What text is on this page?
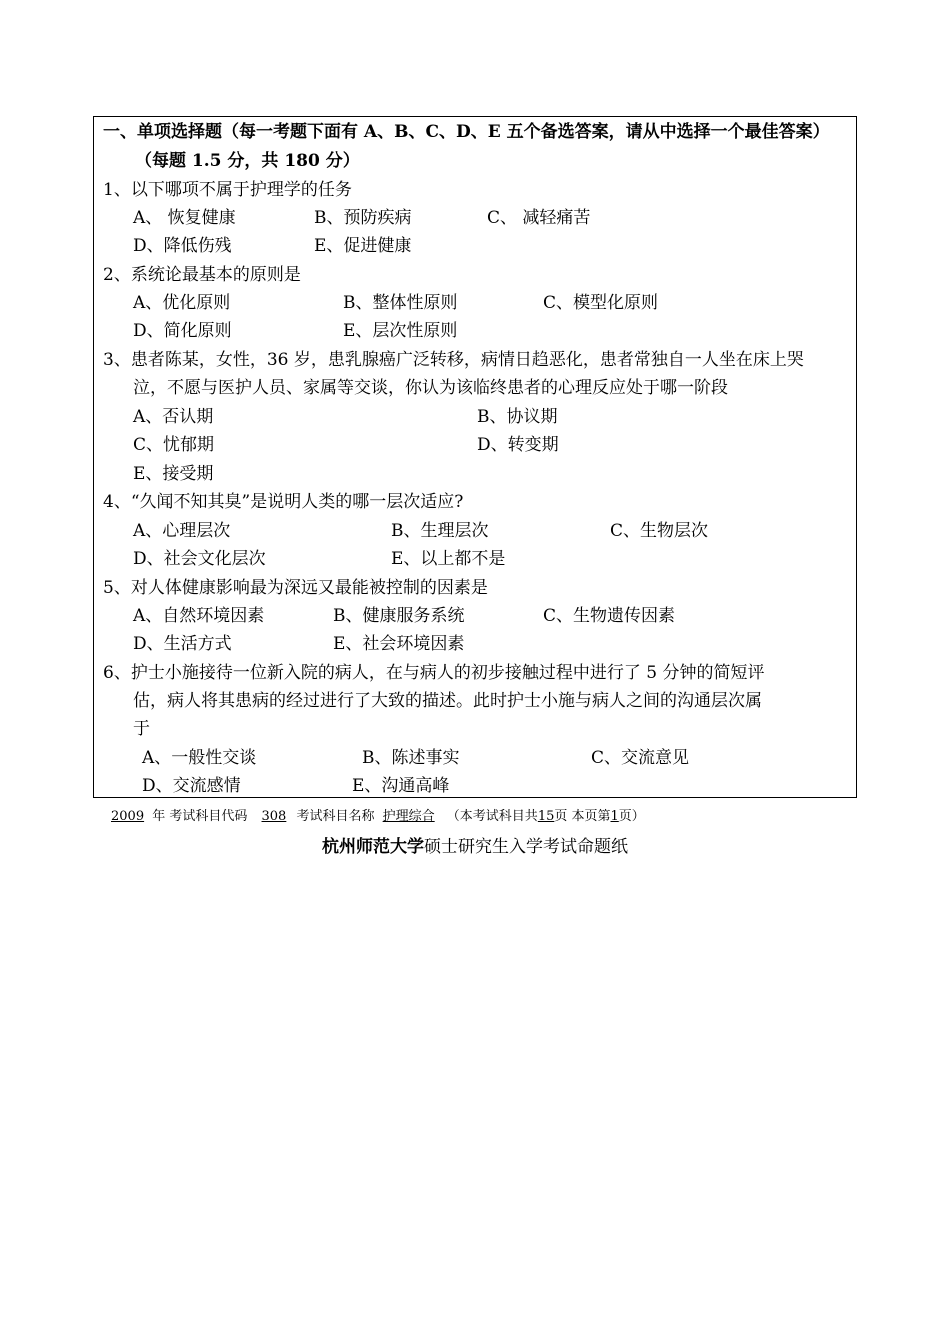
一、单项选择题（每一考题下面有 A、B、C、D、E 五个备选答案，请从中选择一个最佳答案）
（每题 1.5 分，共 180 分）
1、以下哪项不属于护理学的任务
A、 恢复健康	B、预防疾病	C、 减轻痛苦
D、降低伤残	E、促进健康
2、系统论最基本的原则是
A、优化原则	B、整体性原则	C、模型化原则
D、简化原则	E、层次性原则
3、患者陈某，女性，36 岁，患乳腺癌广泛转移，病情日趋恶化，患者常独自一人坐在床上哭
泣，不愿与医护人员、家属等交谈，你认为该临终患者的心理反应处于哪一阶段
A、否认期	B、协议期
C、忧郁期	D、转变期
E、接受期
4、“久闻不知其臭”是说明人类的哪一层次适应?
A、心理层次	B、生理层次	C、生物层次
D、社会文化层次	E、以上都不是
5、对人体健康影响最为深远又最能被控制的因素是
A、自然环境因素	B、健康服务系统	C、生物遗传因素
D、生活方式	E、社会环境因素
6、护士小施接待一位新入院的病人，在与病人的初步接触过程中进行了 5 分钟的简短评
估，病人将其患病的经过进行了大致的描述。此时护士小施与病人之间的沟通层次属
于
A、一般性交谈	B、陈述事实	C、交流意见
D、交流感情	E、沟通高峰
2009 年 考试科目代码 308 考试科目名称 护理综合 （本考试科目共15页 本页第1页）
杭州师范大学硕士研究生入学考试命题纸
